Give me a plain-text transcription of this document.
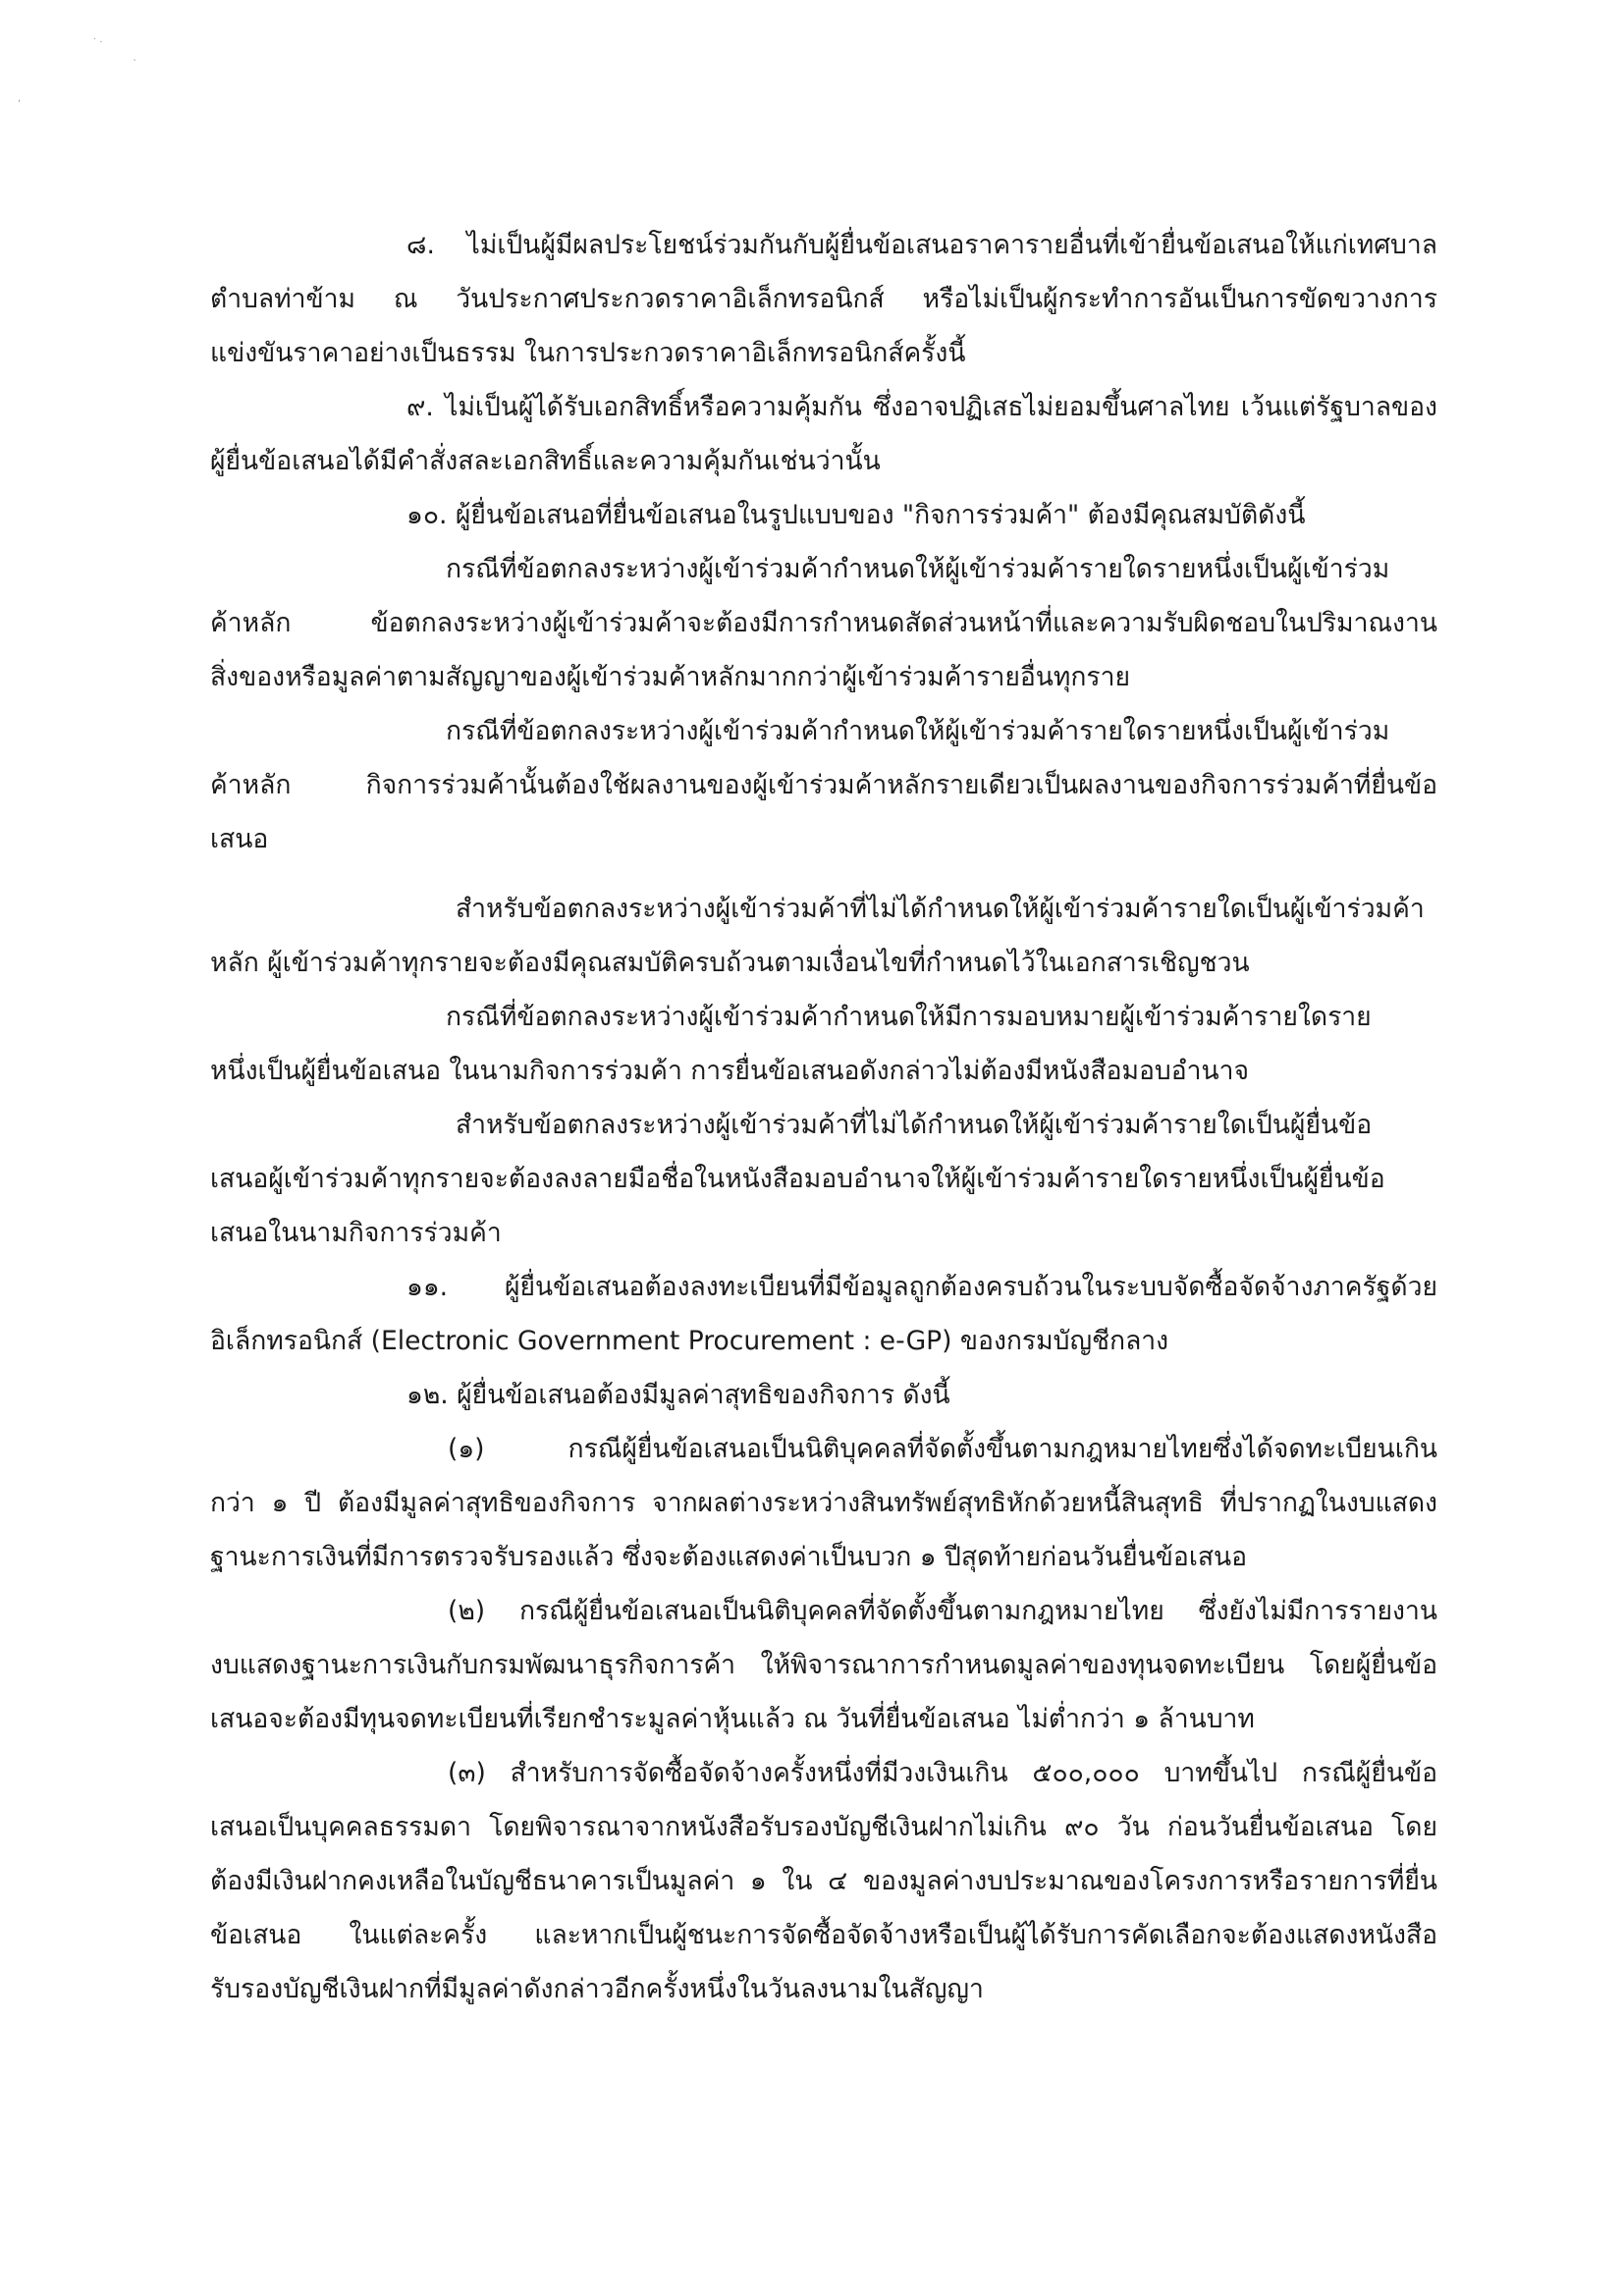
· .
`
,
๘. ไม่เป็นผู้มีผลประโยชน์ร่วมกันกับผู้ยื่นข้อเสนอราคารายอื่นที่เข้ายื่นข้อเสนอให้แก่เทศบาล
ตำบลท่าข้าม ณ วันประกาศประกวดราคาอิเล็กทรอนิกส์ หรือไม่เป็นผู้กระทำการอันเป็นการขัดขวางการ
แข่งขันราคาอย่างเป็นธรรม ในการประกวดราคาอิเล็กทรอนิกส์ครั้งนี้
๙. ไม่เป็นผู้ได้รับเอกสิทธิ์หรือความคุ้มกัน ซึ่งอาจปฏิเสธไม่ยอมขึ้นศาลไทย เว้นแต่รัฐบาลของ
ผู้ยื่นข้อเสนอได้มีคำสั่งสละเอกสิทธิ์และความคุ้มกันเช่นว่านั้น
๑๐. ผู้ยื่นข้อเสนอที่ยื่นข้อเสนอในรูปแบบของ "กิจการร่วมค้า" ต้องมีคุณสมบัติดังนี้
กรณีที่ข้อตกลงระหว่างผู้เข้าร่วมค้ากำหนดให้ผู้เข้าร่วมค้ารายใดรายหนึ่งเป็นผู้เข้าร่วม
ค้าหลัก ข้อตกลงระหว่างผู้เข้าร่วมค้าจะต้องมีการกำหนดสัดส่วนหน้าที่และความรับผิดชอบในปริมาณงาน
สิ่งของหรือมูลค่าตามสัญญาของผู้เข้าร่วมค้าหลักมากกว่าผู้เข้าร่วมค้ารายอื่นทุกราย
กรณีที่ข้อตกลงระหว่างผู้เข้าร่วมค้ากำหนดให้ผู้เข้าร่วมค้ารายใดรายหนึ่งเป็นผู้เข้าร่วม
ค้าหลัก กิจการร่วมค้านั้นต้องใช้ผลงานของผู้เข้าร่วมค้าหลักรายเดียวเป็นผลงานของกิจการร่วมค้าที่ยื่นข้อ
เสนอ
สำหรับข้อตกลงระหว่างผู้เข้าร่วมค้าที่ไม่ได้กำหนดให้ผู้เข้าร่วมค้ารายใดเป็นผู้เข้าร่วมค้า
หลัก ผู้เข้าร่วมค้าทุกรายจะต้องมีคุณสมบัติครบถ้วนตามเงื่อนไขที่กำหนดไว้ในเอกสารเชิญชวน
กรณีที่ข้อตกลงระหว่างผู้เข้าร่วมค้ากำหนดให้มีการมอบหมายผู้เข้าร่วมค้ารายใดราย
หนึ่งเป็นผู้ยื่นข้อเสนอ ในนามกิจการร่วมค้า การยื่นข้อเสนอดังกล่าวไม่ต้องมีหนังสือมอบอำนาจ
สำหรับข้อตกลงระหว่างผู้เข้าร่วมค้าที่ไม่ได้กำหนดให้ผู้เข้าร่วมค้ารายใดเป็นผู้ยื่นข้อ
เสนอผู้เข้าร่วมค้าทุกรายจะต้องลงลายมือชื่อในหนังสือมอบอำนาจให้ผู้เข้าร่วมค้ารายใดรายหนึ่งเป็นผู้ยื่นข้อ
เสนอในนามกิจการร่วมค้า
๑๑. ผู้ยื่นข้อเสนอต้องลงทะเบียนที่มีข้อมูลถูกต้องครบถ้วนในระบบจัดซื้อจัดจ้างภาครัฐด้วย
อิเล็กทรอนิกส์ (Electronic Government Procurement : e-GP) ของกรมบัญชีกลาง
๑๒. ผู้ยื่นข้อเสนอต้องมีมูลค่าสุทธิของกิจการ ดังนี้
(๑) กรณีผู้ยื่นข้อเสนอเป็นนิติบุคคลที่จัดตั้งขึ้นตามกฎหมายไทยซึ่งได้จดทะเบียนเกิน
กว่า ๑ ปี ต้องมีมูลค่าสุทธิของกิจการ จากผลต่างระหว่างสินทรัพย์สุทธิหักด้วยหนี้สินสุทธิ ที่ปรากฏในงบแสดง
ฐานะการเงินที่มีการตรวจรับรองแล้ว ซึ่งจะต้องแสดงค่าเป็นบวก ๑ ปีสุดท้ายก่อนวันยื่นข้อเสนอ
(๒) กรณีผู้ยื่นข้อเสนอเป็นนิติบุคคลที่จัดตั้งขึ้นตามกฎหมายไทย ซึ่งยังไม่มีการรายงาน
งบแสดงฐานะการเงินกับกรมพัฒนาธุรกิจการค้า ให้พิจารณาการกำหนดมูลค่าของทุนจดทะเบียน โดยผู้ยื่นข้อ
เสนอจะต้องมีทุนจดทะเบียนที่เรียกชำระมูลค่าหุ้นแล้ว ณ วันที่ยื่นข้อเสนอ ไม่ต่ำกว่า ๑ ล้านบาท
(๓) สำหรับการจัดซื้อจัดจ้างครั้งหนึ่งที่มีวงเงินเกิน ๕๐๐,๐๐๐ บาทขึ้นไป กรณีผู้ยื่นข้อ
เสนอเป็นบุคคลธรรมดา โดยพิจารณาจากหนังสือรับรองบัญชีเงินฝากไม่เกิน ๙๐ วัน ก่อนวันยื่นข้อเสนอ โดย
ต้องมีเงินฝากคงเหลือในบัญชีธนาคารเป็นมูลค่า ๑ ใน ๔ ของมูลค่างบประมาณของโครงการหรือรายการที่ยื่น
ข้อเสนอ ในแต่ละครั้ง และหากเป็นผู้ชนะการจัดซื้อจัดจ้างหรือเป็นผู้ได้รับการคัดเลือกจะต้องแสดงหนังสือ
รับรองบัญชีเงินฝากที่มีมูลค่าดังกล่าวอีกครั้งหนึ่งในวันลงนามในสัญญา
